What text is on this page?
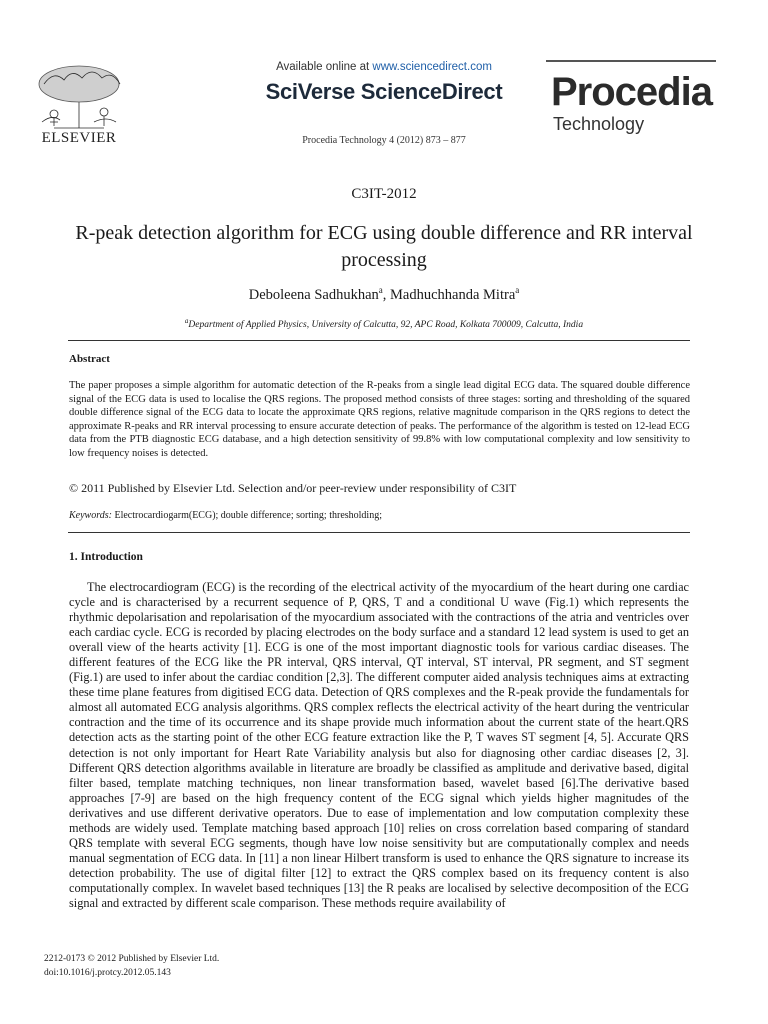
ELSEVIER
Available online at www.sciencedirect.com
SciVerse ScienceDirect
Procedia Technology 4 (2012) 873 – 877
Procedia
Technology
C3IT-2012
R-peak detection algorithm for ECG using double difference and RR interval processing
Deboleena Sadhukhan$^a$, Madhuchhanda Mitra$^a$
$^a$Department of Applied Physics, University of Calcutta, 92, APC Road, Kolkata 700009, Calcutta, India
Abstract
The paper proposes a simple algorithm for automatic detection of the R-peaks from a single lead digital ECG data. The squared double difference signal of the ECG data is used to localise the QRS regions. The proposed method consists of three stages: sorting and thresholding of the squared double difference signal of the ECG data to locate the approximate QRS regions, relative magnitude comparison in the QRS regions to detect the approximate R-peaks and RR interval processing to ensure accurate detection of peaks. The performance of the algorithm is tested on 12-lead ECG data from the PTB diagnostic ECG database, and a high detection sensitivity of 99.8% with low computational complexity and low sensitivity to low frequency noises is detected.
© 2011 Published by Elsevier Ltd. Selection and/or peer-review under responsibility of C3IT
Keywords: Electrocardiogarm(ECG); double difference; sorting; thresholding;
1. Introduction

The electrocardiogram (ECG) is the recording of the electrical activity of the myocardium of the heart during one cardiac cycle and is characterised by a recurrent sequence of P, QRS, T and a conditional U wave (Fig.1) which represents the rhythmic depolarisation and repolarisation of the myocardium associated with the contractions of the atria and ventricles over each cardiac cycle. ECG is recorded by placing electrodes on the body surface and a standard 12 lead system is used to get an overall view of the hearts activity [1]. ECG is one of the most important diagnostic tools for various cardiac diseases. The different features of the ECG like the PR interval, QRS interval, QT interval, ST interval, PR segment, and ST segment (Fig.1) are used to infer about the cardiac condition [2,3]. The different computer aided analysis techniques aims at extracting these time plane features from digitised ECG data. Detection of QRS complexes and the R-peak provide the fundamentals for almost all automated ECG analysis algorithms. QRS complex reflects the electrical activity of the heart during the ventricular contraction and the time of its occurrence and its shape provide much information about the current state of the heart.QRS detection acts as the starting point of the other ECG feature extraction like the P, T waves ST segment [4, 5]. Accurate QRS detection is not only important for Heart Rate Variability analysis but also for diagnosing other cardiac diseases [2, 3]. Different QRS detection algorithms available in literature are broadly be classified as amplitude and derivative based, digital filter based, template matching techniques, non linear transformation based, wavelet based [6].The derivative based approaches [7-9] are based on the high frequency content of the ECG signal which yields higher magnitudes of the derivatives and use different derivative operators. Due to ease of implementation and low computation complexity these methods are widely used. Template matching based approach [10] relies on cross correlation based comparing of standard QRS template with several ECG segments, though have low noise sensitivity but are computationally complex and needs manual segmentation of ECG data. In [11] a non linear Hilbert transform is used to enhance the QRS signature to increase its detection probability. The use of digital filter [12] to extract the QRS complex based on its frequency content is also computationally complex. In wavelet based techniques [13] the R peaks are localised by selective decomposition of the ECG signal and extracted by different scale comparison. These methods require availability of

2212-0173 © 2012 Published by Elsevier Ltd.
doi:10.1016/j.protcy.2012.05.143
